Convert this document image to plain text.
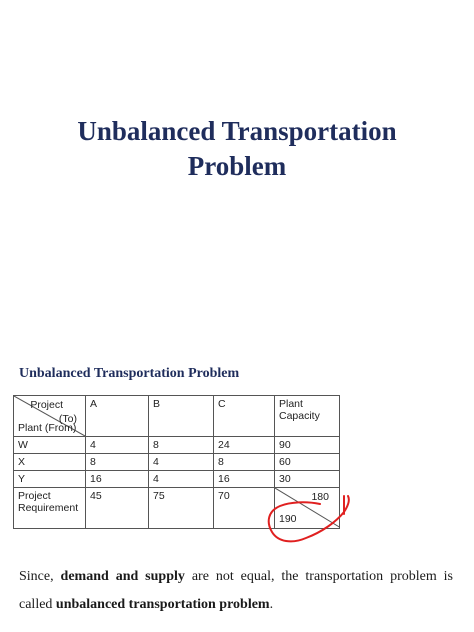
Unbalanced Transportation
Problem
Unbalanced Transportation Problem
Project
(To)
Plant (From)	A	B	C	Plant
Capacity
W	4	8	24	90
X	8	4	8	60
Y	16	4	16	30
Project
Requirement	45	75	70	180
190
Since, demand and supply are not equal, the transportation problem is called unbalanced transportation problem.
